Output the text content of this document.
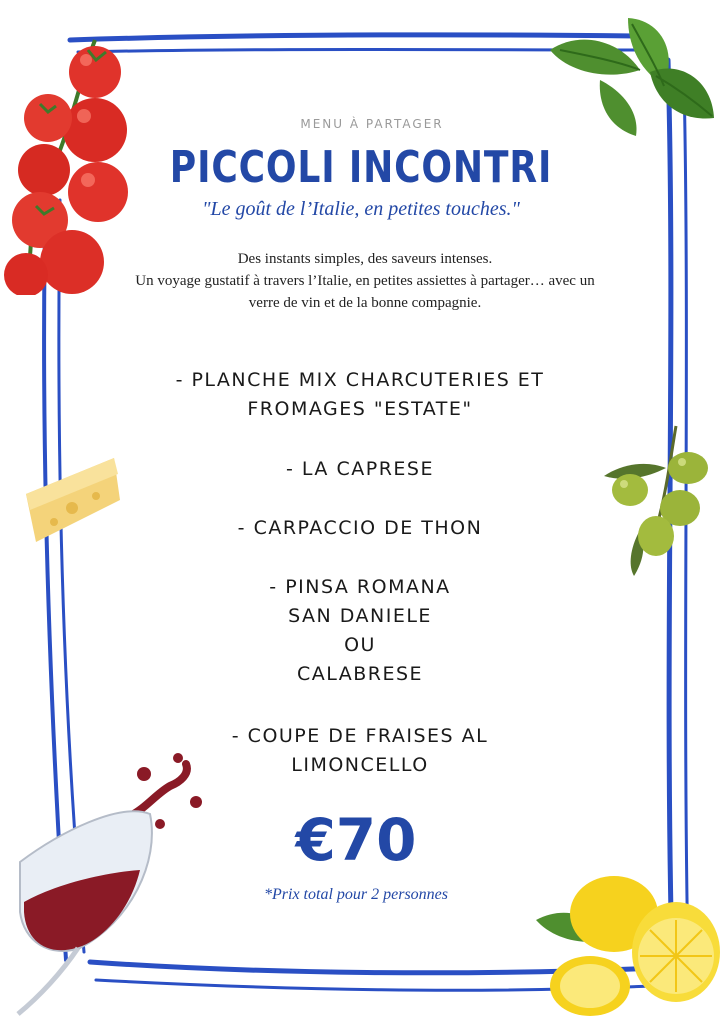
MENU À PARTAGER
PICCOLI INCONTRI
"Le goût de l’Italie, en petites touches."
Des instants simples, des saveurs intenses.
Un voyage gustatif à travers l’Italie, en petites assiettes à partager… avec un verre de vin et de la bonne compagnie.
- PLANCHE MIX CHARCUTERIES ET
FROMAGES "ESTATE"
- LA CAPRESE
- CARPACCIO DE THON
- PINSA ROMANA
SAN DANIELE
OU
CALABRESE
- COUPE DE FRAISES AL
LIMONCELLO
€70
*Prix total pour 2 personnes
